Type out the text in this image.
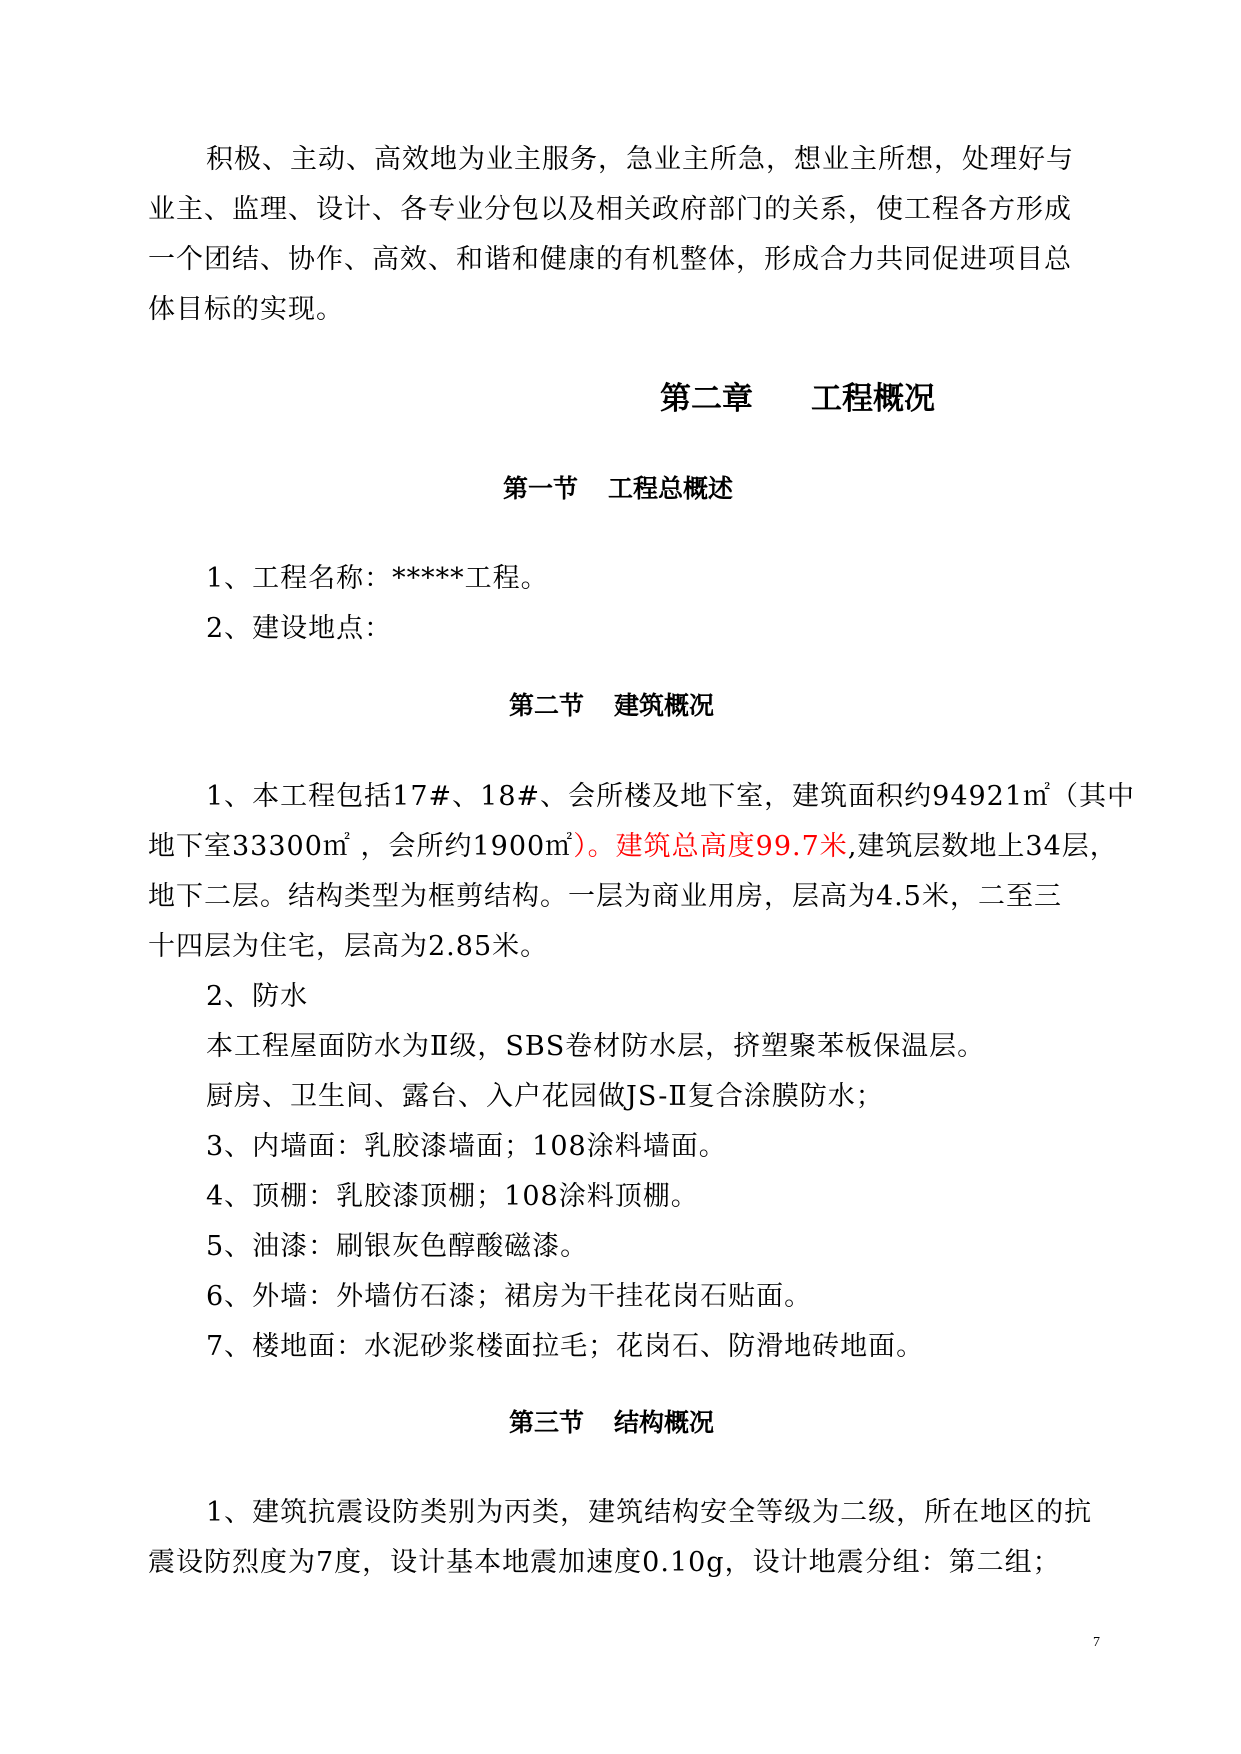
积极、主动、高效地为业主服务，急业主所急，想业主所想，处理好与
业主、监理、设计、各专业分包以及相关政府部门的关系，使工程各方形成
一个团结、协作、高效、和谐和健康的有机整体，形成合力共同促进项目总
体目标的实现。
第二章 工程概况
第一节 工程总概述
1、工程名称：*****工程。
2、建设地点：
第二节 建筑概况
1、本工程包括17#、18#、会所楼及地下室，建筑面积约94921㎡（其中
地下室33300㎡ ，会所约1900㎡）。建筑总高度99.7米,建筑层数地上34层，
地下二层。结构类型为框剪结构。一层为商业用房，层高为4.5米，二至三
十四层为住宅，层高为2.85米。
2、防水
本工程屋面防水为Ⅱ级，SBS卷材防水层，挤塑聚苯板保温层。
厨房、卫生间、露台、入户花园做JS-Ⅱ复合涂膜防水；
3、内墙面：乳胶漆墙面；108涂料墙面。
4、顶棚：乳胶漆顶棚；108涂料顶棚。
5、油漆：刷银灰色醇酸磁漆。
6、外墙：外墙仿石漆；裙房为干挂花岗石贴面。
7、楼地面：水泥砂浆楼面拉毛；花岗石、防滑地砖地面。
第三节 结构概况
1、建筑抗震设防类别为丙类，建筑结构安全等级为二级，所在地区的抗
震设防烈度为7度，设计基本地震加速度0.10g，设计地震分组：第二组；
7
